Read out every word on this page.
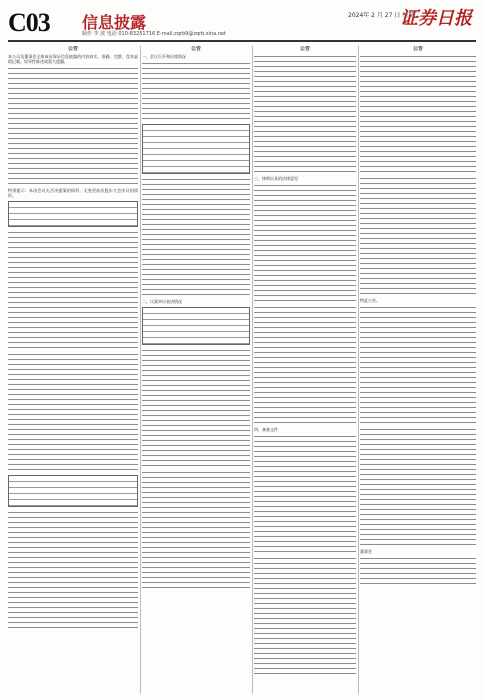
C03 信息披露	2024年 2 月 27 日 星期二
证券日报
制作 李 波 电话 010-83251716 E-mail:zqrb9@zqrb.sina.net
公告
本公司及董事会全体成员保证信息披露的内容真实、准确、完整，没有虚假记载、误导性陈述或重大遗漏。
特别提示：本次会议无否决提案的情形，无变更前次股东大会决议的情形。
公告
一、会议召开和出席情况
二、议案审议表决情况
公告
三、律师出具的法律意见
四、备查文件
公告
特此公告。
董事会
